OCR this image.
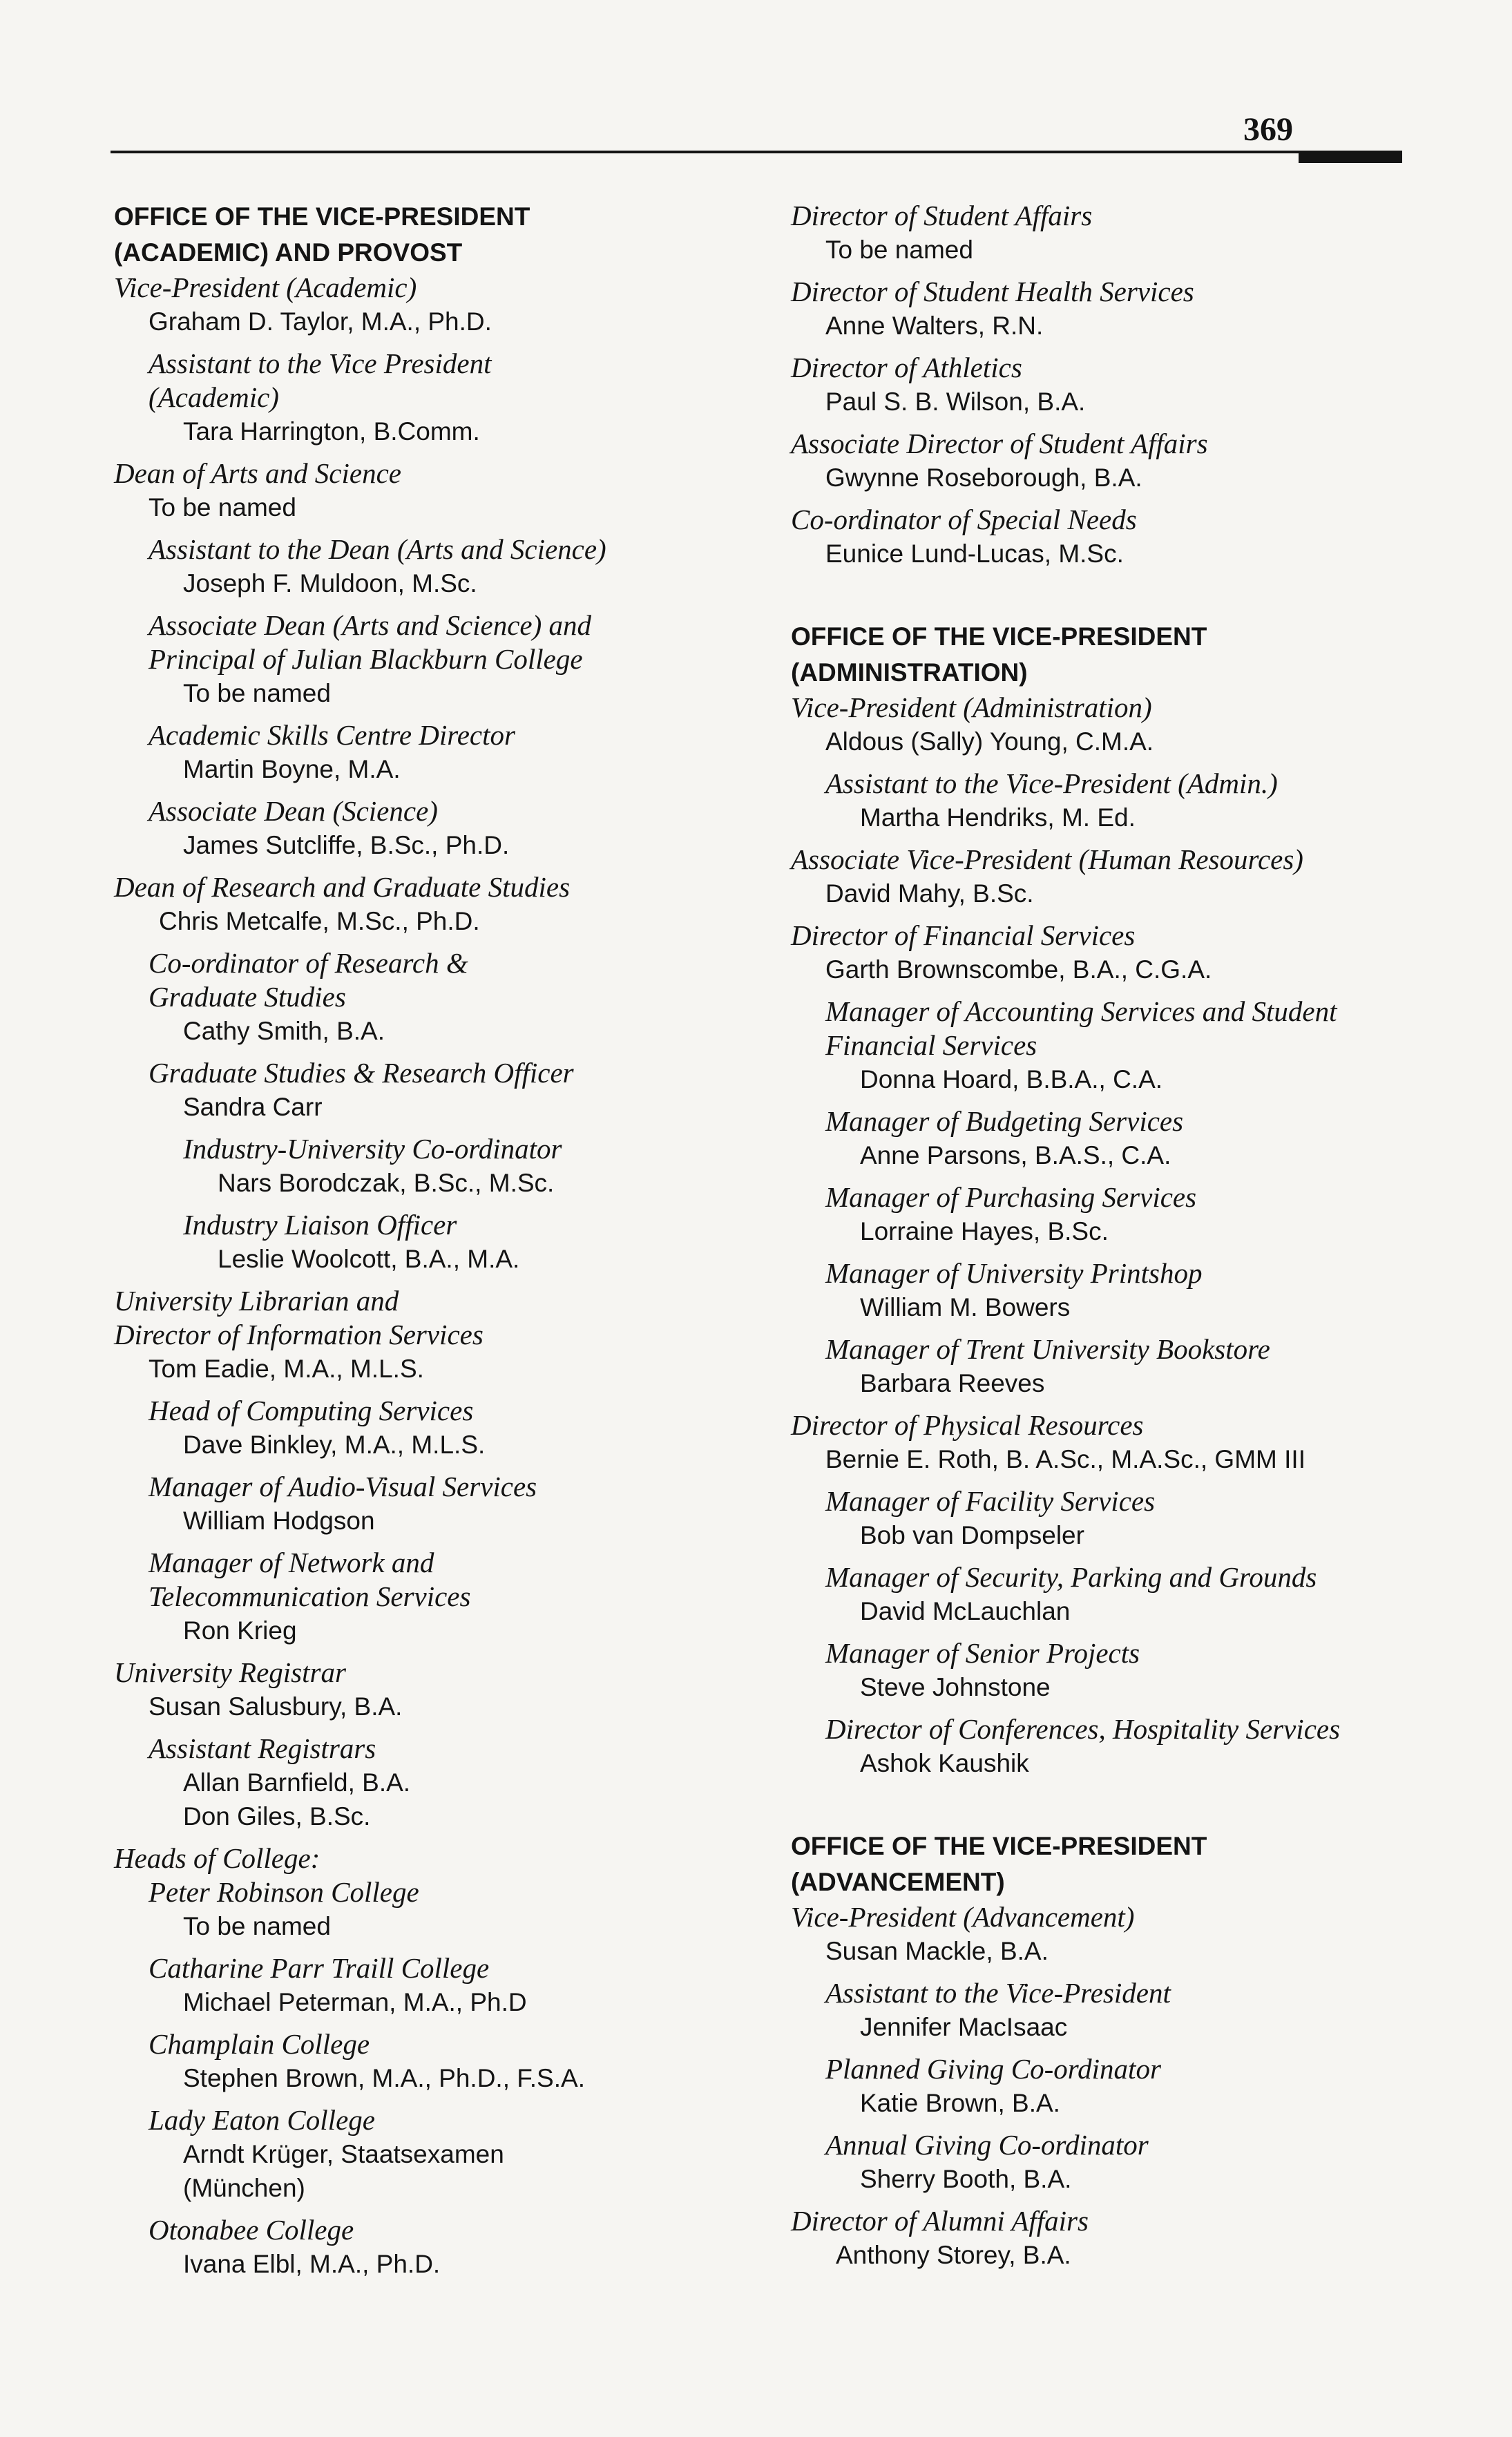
369
OFFICE OF THE VICE-PRESIDENT
(ACADEMIC) AND PROVOST
Vice-President (Academic)
Graham D. Taylor, M.A., Ph.D.
Assistant to the Vice President
(Academic)
Tara Harrington, B.Comm.
Dean of Arts and Science
To be named
Assistant to the Dean (Arts and Science)
Joseph F. Muldoon, M.Sc.
Associate Dean (Arts and Science) and
Principal of Julian Blackburn College
To be named
Academic Skills Centre Director
Martin Boyne, M.A.
Associate Dean (Science)
James Sutcliffe, B.Sc., Ph.D.
Dean of Research and Graduate Studies
Chris Metcalfe, M.Sc., Ph.D.
Co-ordinator of Research &
Graduate Studies
Cathy Smith, B.A.
Graduate Studies & Research Officer
Sandra Carr
Industry-University Co-ordinator
Nars Borodczak, B.Sc., M.Sc.
Industry Liaison Officer
Leslie Woolcott, B.A., M.A.
University Librarian and
Director of Information Services
Tom Eadie, M.A., M.L.S.
Head of Computing Services
Dave Binkley, M.A., M.L.S.
Manager of Audio-Visual Services
William Hodgson
Manager of Network and
Telecommunication Services
Ron Krieg
University Registrar
Susan Salusbury, B.A.
Assistant Registrars
Allan Barnfield, B.A.
Don Giles, B.Sc.
Heads of College:
Peter Robinson College
To be named
Catharine Parr Traill College
Michael Peterman, M.A., Ph.D
Champlain College
Stephen Brown, M.A., Ph.D., F.S.A.
Lady Eaton College
Arndt Krüger, Staatsexamen
(München)
Otonabee College
Ivana Elbl, M.A., Ph.D.
Director of Student Affairs
To be named
Director of Student Health Services
Anne Walters, R.N.
Director of Athletics
Paul S. B. Wilson, B.A.
Associate Director of Student Affairs
Gwynne Roseborough, B.A.
Co-ordinator of Special Needs
Eunice Lund-Lucas, M.Sc.
OFFICE OF THE VICE-PRESIDENT
(ADMINISTRATION)
Vice-President (Administration)
Aldous (Sally) Young, C.M.A.
Assistant to the Vice-President (Admin.)
Martha Hendriks, M. Ed.
Associate Vice-President (Human Resources)
David Mahy, B.Sc.
Director of Financial Services
Garth Brownscombe, B.A., C.G.A.
Manager of Accounting Services and Student
Financial Services
Donna Hoard, B.B.A., C.A.
Manager of Budgeting Services
Anne Parsons, B.A.S., C.A.
Manager of Purchasing Services
Lorraine Hayes, B.Sc.
Manager of University Printshop
William M. Bowers
Manager of Trent University Bookstore
Barbara Reeves
Director of Physical Resources
Bernie E. Roth, B. A.Sc., M.A.Sc., GMM III
Manager of Facility Services
Bob van Dompseler
Manager of Security, Parking and Grounds
David McLauchlan
Manager of Senior Projects
Steve Johnstone
Director of Conferences, Hospitality Services
Ashok Kaushik
OFFICE OF THE VICE-PRESIDENT
(ADVANCEMENT)
Vice-President (Advancement)
Susan Mackle, B.A.
Assistant to the Vice-President
Jennifer MacIsaac
Planned Giving Co-ordinator
Katie Brown, B.A.
Annual Giving Co-ordinator
Sherry Booth, B.A.
Director of Alumni Affairs
Anthony Storey, B.A.
